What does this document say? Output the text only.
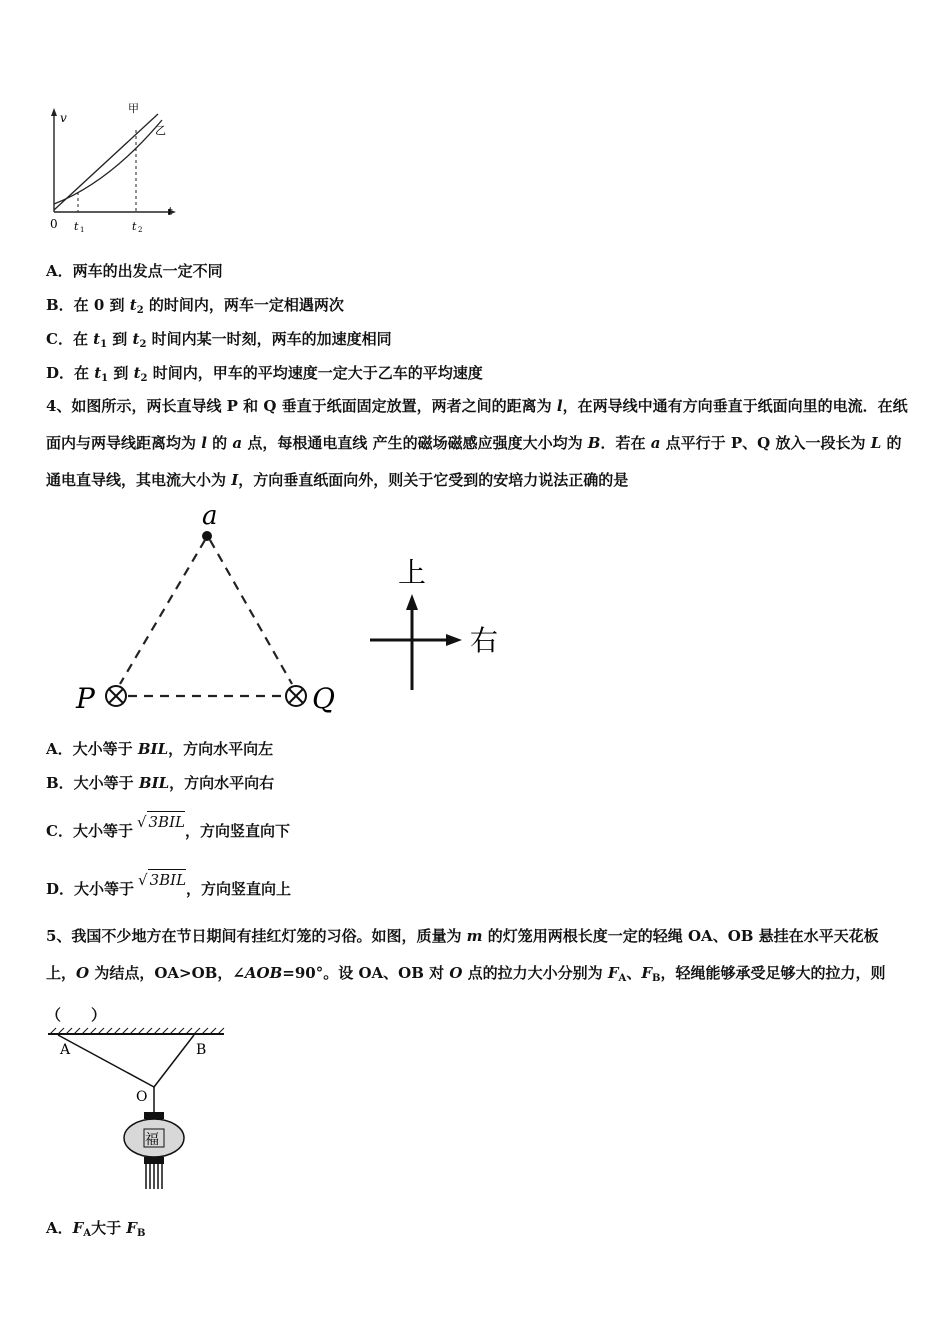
v
t
0 t 1	t 2
甲
乙
A．两车的出发点一定不同
B．在 0 到 $t_2$ 的时间内，两车一定相遇两次
C．在 $t_1$ 到 $t_2$ 时间内某一时刻，两车的加速度相同
D．在 $t_1$ 到 $t_2$ 时间内，甲车的平均速度一定大于乙车的平均速度
4、如图所示，两长直导线 P 和 Q 垂直于纸面固定放置，两者之间的距离为 l，在两导线中通有方向垂直于纸面向里的电流．在纸面内与两导线距离均为 l 的 a 点，每根通电直线 产生的磁场磁感应强度大小均为 B．若在 a 点平行于 P、Q 放入一段长为 L 的通电直导线，其电流大小为 I，方向垂直纸面向外，则关于它受到的安培力说法正确的是
a
P	Q
上
右
A．大小等于 BIL，方向水平向左
B．大小等于 BIL，方向水平向右
C．大小等于 √ 3BIL，方向竖直向下
D．大小等于 √ 3BIL，方向竖直向上
5、我国不少地方在节日期间有挂红灯笼的习俗。如图，质量为 m 的灯笼用两根长度一定的轻绳 OA、OB 悬挂在水平天花板上，O 为结点，OA>OB，∠AOB=90°。设 OA、OB 对 O 点的拉力大小分别为 $F_A$、$F_B$，轻绳能够承受足够大的拉力，则（　　）
A	B
O
福
A．$F_A$大于 $F_B$
